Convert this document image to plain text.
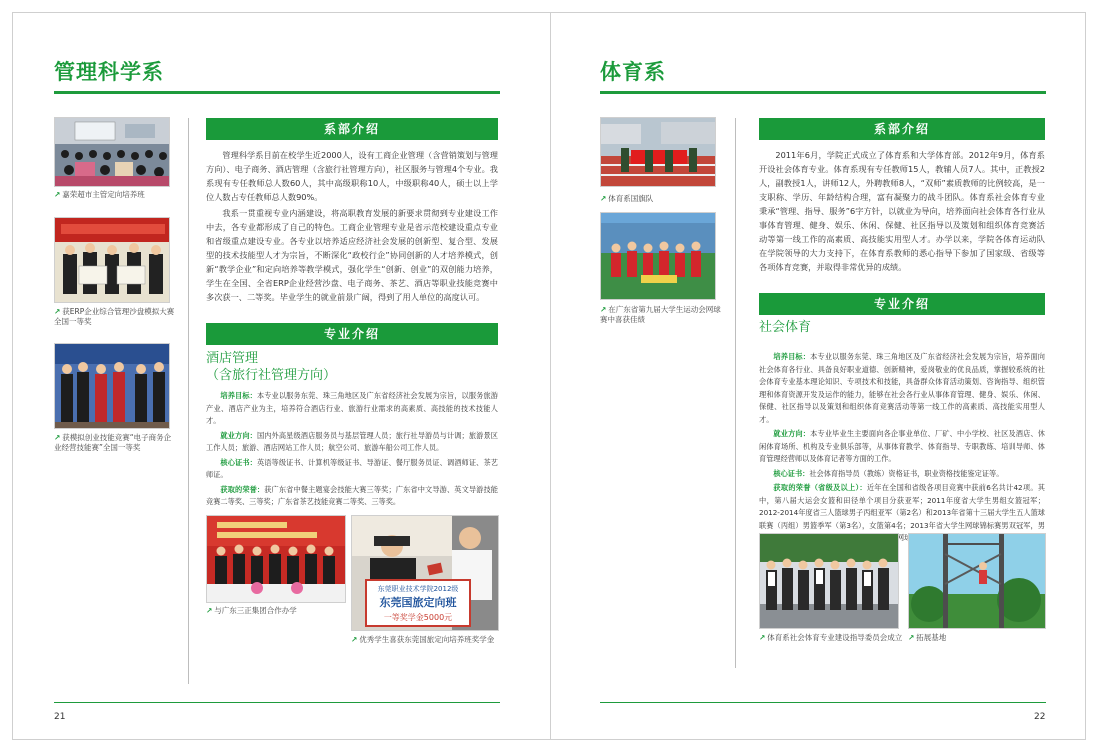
管理科学系
↗ 嘉荣超市主管定向培养班
↗ 获ERP企业综合管理沙盘模拟大赛全国一等奖
↗ 获模拟创业技能竞赛“电子商务企业经营技能赛”全国一等奖
系部介绍

管理科学系目前在校学生近2000人，设有工商企业管理（含营销策划与管理方向）、电子商务、酒店管理（含旅行社管理方向），社区服务与管理4个专业。我系现有专任教师总人数60人，其中高级职称10人，中级职称40人，硕士以上学位人数占专任教师总人数90%。

我系一贯重视专业内涵建设，将高职教育发展的新要求贯彻到专业建设工作中去，各专业都形成了自己的特色。工商企业管理专业是省示范校建设重点专业和省级重点建设专业。各专业以培养适应经济社会发展的创新型、复合型、发展型的技术技能型人才为宗旨，不断深化“政校行企”协同创新的人才培养模式，创新“教学企业”和定向培养等教学模式，强化学生“创新、创业”的双创能力培养，学生在全国、全省ERP企业经营沙盘、电子商务、茶艺、酒店等职业技能竞赛中多次获一、二等奖。毕业学生的就业前景广阔，得到了用人单位的高度认可。

专业介绍
酒店管理
（含旅行社管理方向）

培养目标：本专业以服务东莞、珠三角地区及广东省经济社会发展为宗旨，以服务旅游产业、酒店产业为主，培养符合酒店行业、旅游行业需求的高素质、高技能的技术技能人才。

就业方向：国内外高星级酒店服务员与基层管理人员；旅行社导游员与计调；旅游景区工作人员；旅游、酒店网站工作人员；航空公司、旅游车船公司工作人员。

核心证书：英语等级证书、计算机等级证书、导游证、餐厅服务员证、调酒师证、茶艺师证。

获取的荣誉：获广东省中餐主题宴会技能大赛三等奖；广东省中文导游、英文导游技能竞赛二等奖、三等奖；广东省茶艺技能竞赛二等奖、三等奖。

↗ 与广东三正集团合作办学
东莞职业技术学院2012级
东莞国旅定向班
一等奖学金5000元
↗ 优秀学生喜获东莞国旅定向培养班奖学金
21
体育系
↗ 体育系国旗队
↗ 在广东省第九届大学生运动会网球赛中喜获佳绩
系部介绍

2011年6月，学院正式成立了体育系和大学体育部。2012年9月，体育系开设社会体育专业。体育系现有专任教师15人，教辅人员7人。其中，正教授2人，副教授1人，讲师12人，外聘教师8人，“双师”素质教师的比例较高，是一支职称、学历、年龄结构合理，富有凝聚力的战斗团队。体育系社会体育专业秉承“管理、指导、服务”6字方针，以就业为导向，培养面向社会体育各行业从事体育管理、健身、娱乐、休闲、保健、社区指导以及策划和组织体育竞赛活动等第一线工作的高素质、高技能实用型人才。办学以来，学院各体育运动队在学院领导的大力支持下，在体育系教师的悉心指导下参加了国家级、省级等各项体育竞赛，并取得非常优异的成绩。

专业介绍
社会体育

培养目标：本专业以服务东莞、珠三角地区及广东省经济社会发展为宗旨，培养面向社会体育各行业、具备良好职业道德、创新精神，爱岗敬业的优良品质，掌握较系统的社会体育专业基本理论知识、专项技术和技能，具备群众体育活动策划、咨询指导、组织管理和体育资源开发及运作的能力，能够在社会各行业从事体育管理、健身、娱乐、休闲、保健、社区指导以及策划和组织体育竞赛活动等第一线工作的高素质、高技能实用型人才。

就业方向：本专业毕业生主要面向各企事业单位、厂矿、中小学校、社区及酒店、休闲体育场所、机构及专业俱乐部等，从事体育教学、体育指导、专职教练、培训导师、体育管理经营师以及体育记者等方面的工作。

核心证书：社会体育指导员（教练）资格证书，职业资格技能鉴定证等。

获取的荣誉（省级及以上）：近年在全国和省级各项目竞赛中获前6名共计42项。其中，第八届大运会女篮和田径单个项目分获亚军；2011年度省大学生男组女篮冠军；2012-2014年度省三人篮球男子丙组亚军（第2名）和2013年省第十三届大学生五人篮球联赛（丙组）男篮季军（第3名），女篮第4名；2013年省大学生网球锦标赛男双冠军，男 三角网球群比

↗ 体育系社会体育专业建设指导委员会成立 ↗ 拓展基地
22
